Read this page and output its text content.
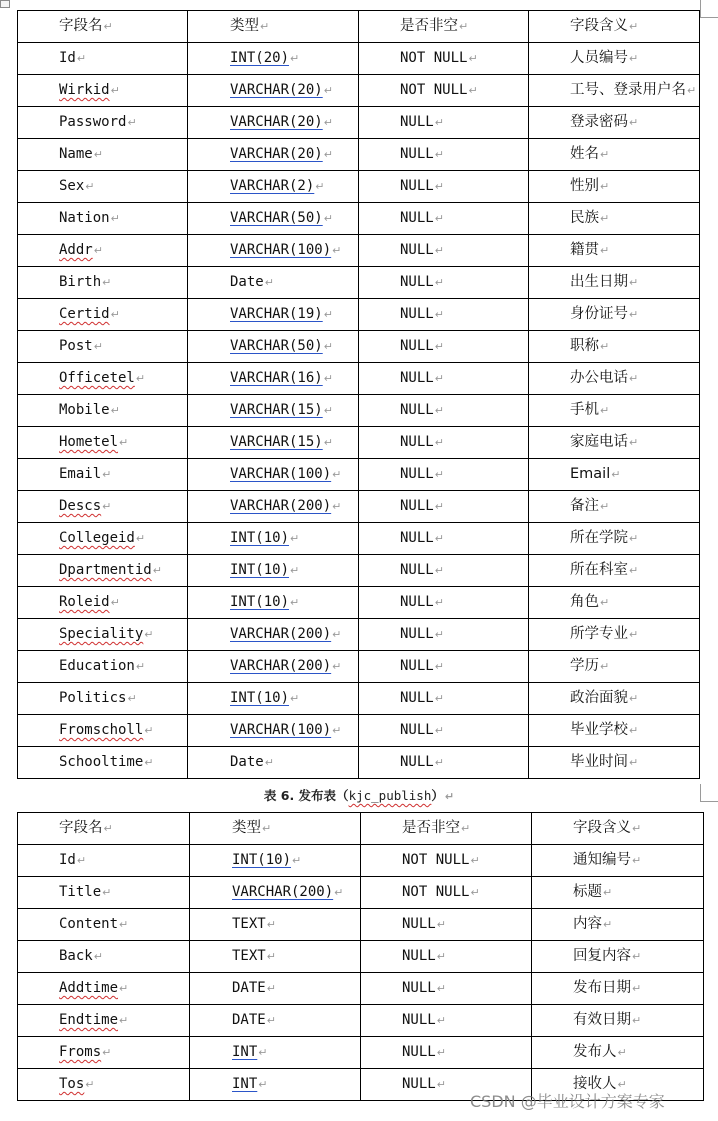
字段名↵	类型↵	是否非空↵	字段含义↵
Id↵	INT(20)↵	NOT NULL↵	人员编号↵
Wirkid↵	VARCHAR(20)↵	NOT NULL↵	工号、登录用户名↵
Password↵	VARCHAR(20)↵	NULL↵	登录密码↵
Name↵	VARCHAR(20)↵	NULL↵	姓名↵
Sex↵	VARCHAR(2)↵	NULL↵	性别↵
Nation↵	VARCHAR(50)↵	NULL↵	民族↵
Addr↵	VARCHAR(100)↵	NULL↵	籍贯↵
Birth↵	Date↵	NULL↵	出生日期↵
Certid↵	VARCHAR(19)↵	NULL↵	身份证号↵
Post↵	VARCHAR(50)↵	NULL↵	职称↵
Officetel↵	VARCHAR(16)↵	NULL↵	办公电话↵
Mobile↵	VARCHAR(15)↵	NULL↵	手机↵
Hometel↵	VARCHAR(15)↵	NULL↵	家庭电话↵
Email↵	VARCHAR(100)↵	NULL↵	Email↵
Descs↵	VARCHAR(200)↵	NULL↵	备注↵
Collegeid↵	INT(10)↵	NULL↵	所在学院↵
Dpartmentid↵	INT(10)↵	NULL↵	所在科室↵
Roleid↵	INT(10)↵	NULL↵	角色↵
Speciality↵	VARCHAR(200)↵	NULL↵	所学专业↵
Education↵	VARCHAR(200)↵	NULL↵	学历↵
Politics↵	INT(10)↵	NULL↵	政治面貌↵
Fromscholl↵	VARCHAR(100)↵	NULL↵	毕业学校↵
Schooltime↵	Date↵	NULL↵	毕业时间↵
表 6. 发布表（kjc_publish）↵
字段名↵	类型↵	是否非空↵	字段含义↵
Id↵	INT(10)↵	NOT NULL↵	通知编号↵
Title↵	VARCHAR(200)↵	NOT NULL↵	标题↵
Content↵	TEXT↵	NULL↵	内容↵
Back↵	TEXT↵	NULL↵	回复内容↵
Addtime↵	DATE↵	NULL↵	发布日期↵
Endtime↵	DATE↵	NULL↵	有效日期↵
Froms↵	INT↵	NULL↵	发布人↵
Tos↵	INT↵	NULL↵	接收人↵
CSDN @毕业设计方案专家
